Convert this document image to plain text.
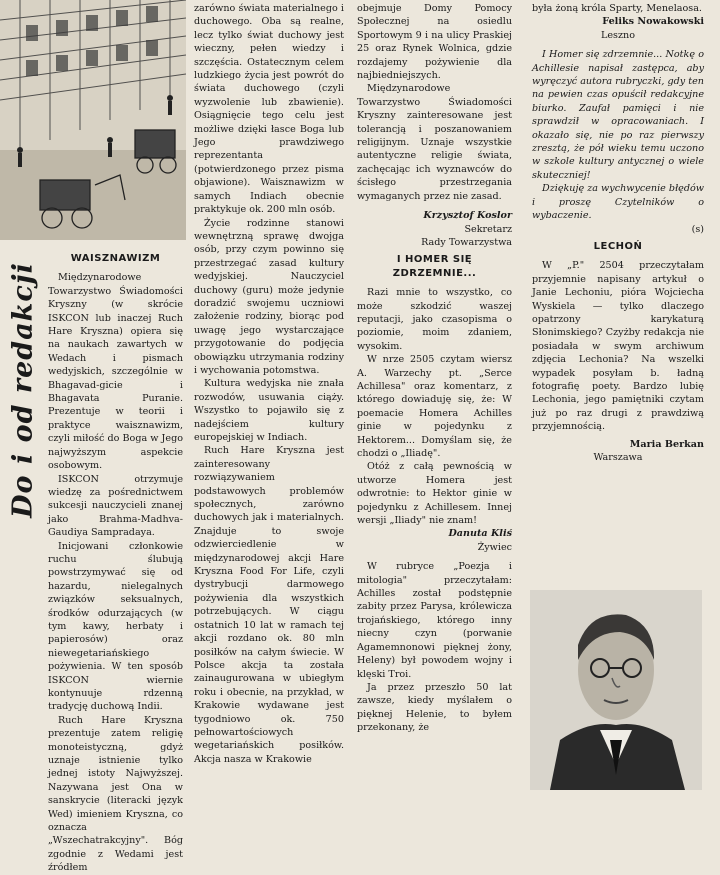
Do i od redakcji
WAISZNAWIZM

Międzynarodowe Towarzystwo Świadomości Kryszny (w skrócie ISKCON lub inaczej Ruch Hare Kryszna) opiera się na naukach zawartych w Wedach i pismach wedyjskich, szczególnie w Bhagavad-gicie i Bhagavata Puranie. Prezentuje w teorii i praktyce waisznawizm, czyli miłość do Boga w Jego najwyższym aspekcie osobowym.

ISKCON otrzymuje wiedzę za pośrednictwem sukcesji nauczycieli znanej jako Brahma-Madhva-Gaudiya Sampradaya.

Inicjowani członkowie ruchu ślubują powstrzymywać się od hazardu, nielegalnych związków seksualnych, środków odurzających (w tym kawy, herbaty i papierosów) oraz niewegetariańskiego pożywienia. W ten sposób ISKCON wiernie kontynuuje rdzenną tradycję duchową Indii.

Ruch Hare Kryszna prezentuje zatem religię monoteistyczną, gdyż uznaje istnienie tylko jednej istoty Najwyższej. Nazywana jest Ona w sanskrycie (literacki język Wed) imieniem Kryszna, co oznacza „Wszechatrakcyjny". Bóg zgodnie z Wedami jest źródłem

zarówno świata materialnego i duchowego. Oba są realne, lecz tylko świat duchowy jest wieczny, pełen wiedzy i szczęścia. Ostatecznym celem ludzkiego życia jest powrót do świata duchowego (czyli wyzwolenie lub zbawienie). Osiągnięcie tego celu jest możliwe dzięki łasce Boga lub Jego prawdziwego reprezentanta (potwierdzonego przez pisma objawione). Waisznawizm w samych Indiach obecnie praktykuje ok. 200 mln osób.

Życie rodzinne stanowi wewnętrzną sprawę dwojga osób, przy czym powinno się przestrzegać zasad kultury wedyjskiej. Nauczyciel duchowy (guru) może jedynie doradzić swojemu uczniowi założenie rodziny, biorąc pod uwagę jego wystarczające przygotowanie do podjęcia obowiązku utrzymania rodziny i wychowania potomstwa.

Kultura wedyjska nie znała rozwodów, usuwania ciąży. Wszystko to pojawiło się z nadejściem kultury europejskiej w Indiach.

Ruch Hare Kryszna jest zainteresowany rozwiązywaniem podstawowych problemów społecznych, zarówno duchowych jak i materialnych. Znajduje to swoje odzwierciedlenie w międzynarodowej akcji Hare Kryszna Food For Life, czyli dystrybucji darmowego pożywienia dla wszystkich potrzebujących. W ciągu ostatnich 10 lat w ramach tej akcji rozdano ok. 80 mln posiłków na całym świecie. W Polsce akcja ta została zainaugurowana w ubiegłym roku i obecnie, na przykład, w Krakowie wydawane jest tygodniowo ok. 750 pełnowartościowych wegetariańskich posiłków. Akcja nasza w Krakowie

obejmuje Domy Pomocy Społecznej na osiedlu Sportowym 9 i na ulicy Praskiej 25 oraz Rynek Wolnica, gdzie rozdajemy pożywienie dla najbiedniejszych.

Międzynarodowe Towarzystwo Świadomości Kryszny zainteresowane jest tolerancją i poszanowaniem religijnym. Uznaje wszystkie autentyczne religie świata, zachęcając ich wyznawców do ścisłego przestrzegania wymaganych przez nie zasad.

Krzysztof Koslor
Sekretarz
Rady Towarzystwa
I HOMER SIĘ ZDRZEMNIE...

Razi mnie to wszystko, co może szkodzić waszej reputacji, jako czasopisma o poziomie, moim zdaniem, wysokim.

W nrze 2505 czytam wiersz A. Warzechy pt. „Serce Achillesa" oraz komentarz, z którego dowiaduję się, że: W poemacie Homera Achilles ginie w pojedynku z Hektorem... Domyślam się, że chodzi o „Iliadę".

Otóż z całą pewnością w utworze Homera jest odwrotnie: to Hektor ginie w pojedynku z Achillesem. Innej wersji „Iliady" nie znam!

Danuta Kliś
Żywiec

W rubryce „Poezja i mitologia" przeczytałam: Achilles został podstępnie zabity przez Parysa, królewicza trojańskiego, którego inny niecny czyn (porwanie Agamemnonowi pięknej żony, Heleny) był powodem wojny i klęski Troi.

Ja przez przeszło 50 lat zawsze, kiedy myślałem o pięknej Helenie, to byłem przekonany, że

była żoną króla Sparty, Menelaosa.

Feliks Nowakowski
Leszno

I Homer się zdrzemnie... Notkę o Achillesie napisał zastępca, aby wyręczyć autora rubryczki, gdy ten na pewien czas opuścił redakcyjne biurko. Zaufał pamięci i nie sprawdził w opracowaniach. I okazało się, nie po raz pierwszy zresztą, że pół wieku temu uczono w szkole kultury antycznej o wiele skuteczniej!

Dziękuję za wychwycenie błędów i proszę Czytelników o wybaczenie.

(s)
LECHOŃ

W „P." 2504 przeczytałam przyjemnie napisany artykuł o Janie Lechoniu, pióra Wojciecha Wyskiela — tylko dlaczego opatrzony karykaturą Słonimskiego? Czyżby redakcja nie posiadała w swym archiwum zdjęcia Lechonia? Na wszelki wypadek posyłam b. ładną fotografię poety. Bardzo lubię Lechonia, jego pamiętniki czytam już po raz drugi z prawdziwą przyjemnością.

Maria Berkan
Warszawa
